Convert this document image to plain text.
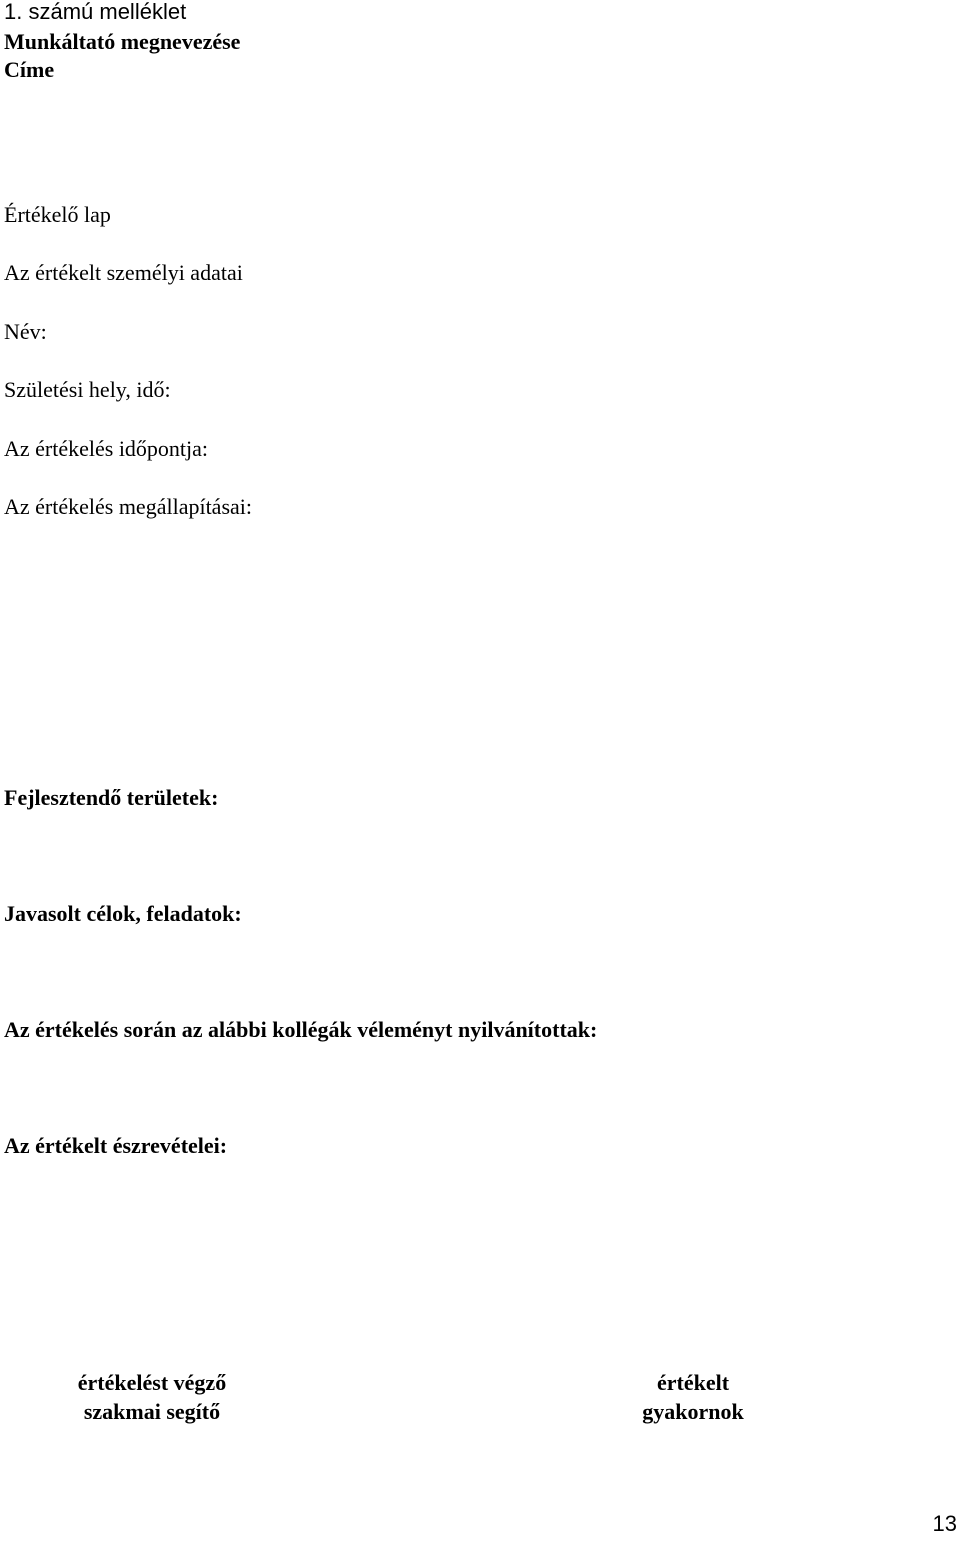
1. számú melléklet
Munkáltató megnevezése
Címe
Értékelő lap
Az értékelt személyi adatai
Név:
Születési hely, idő:
Az értékelés időpontja:
Az értékelés megállapításai:
Fejlesztendő területek:
Javasolt célok, feladatok:
Az értékelés során az alábbi kollégák véleményt nyilvánítottak:
Az értékelt észrevételei:
értékelést végző
szakmai segítő
értékelt
gyakornok
13
